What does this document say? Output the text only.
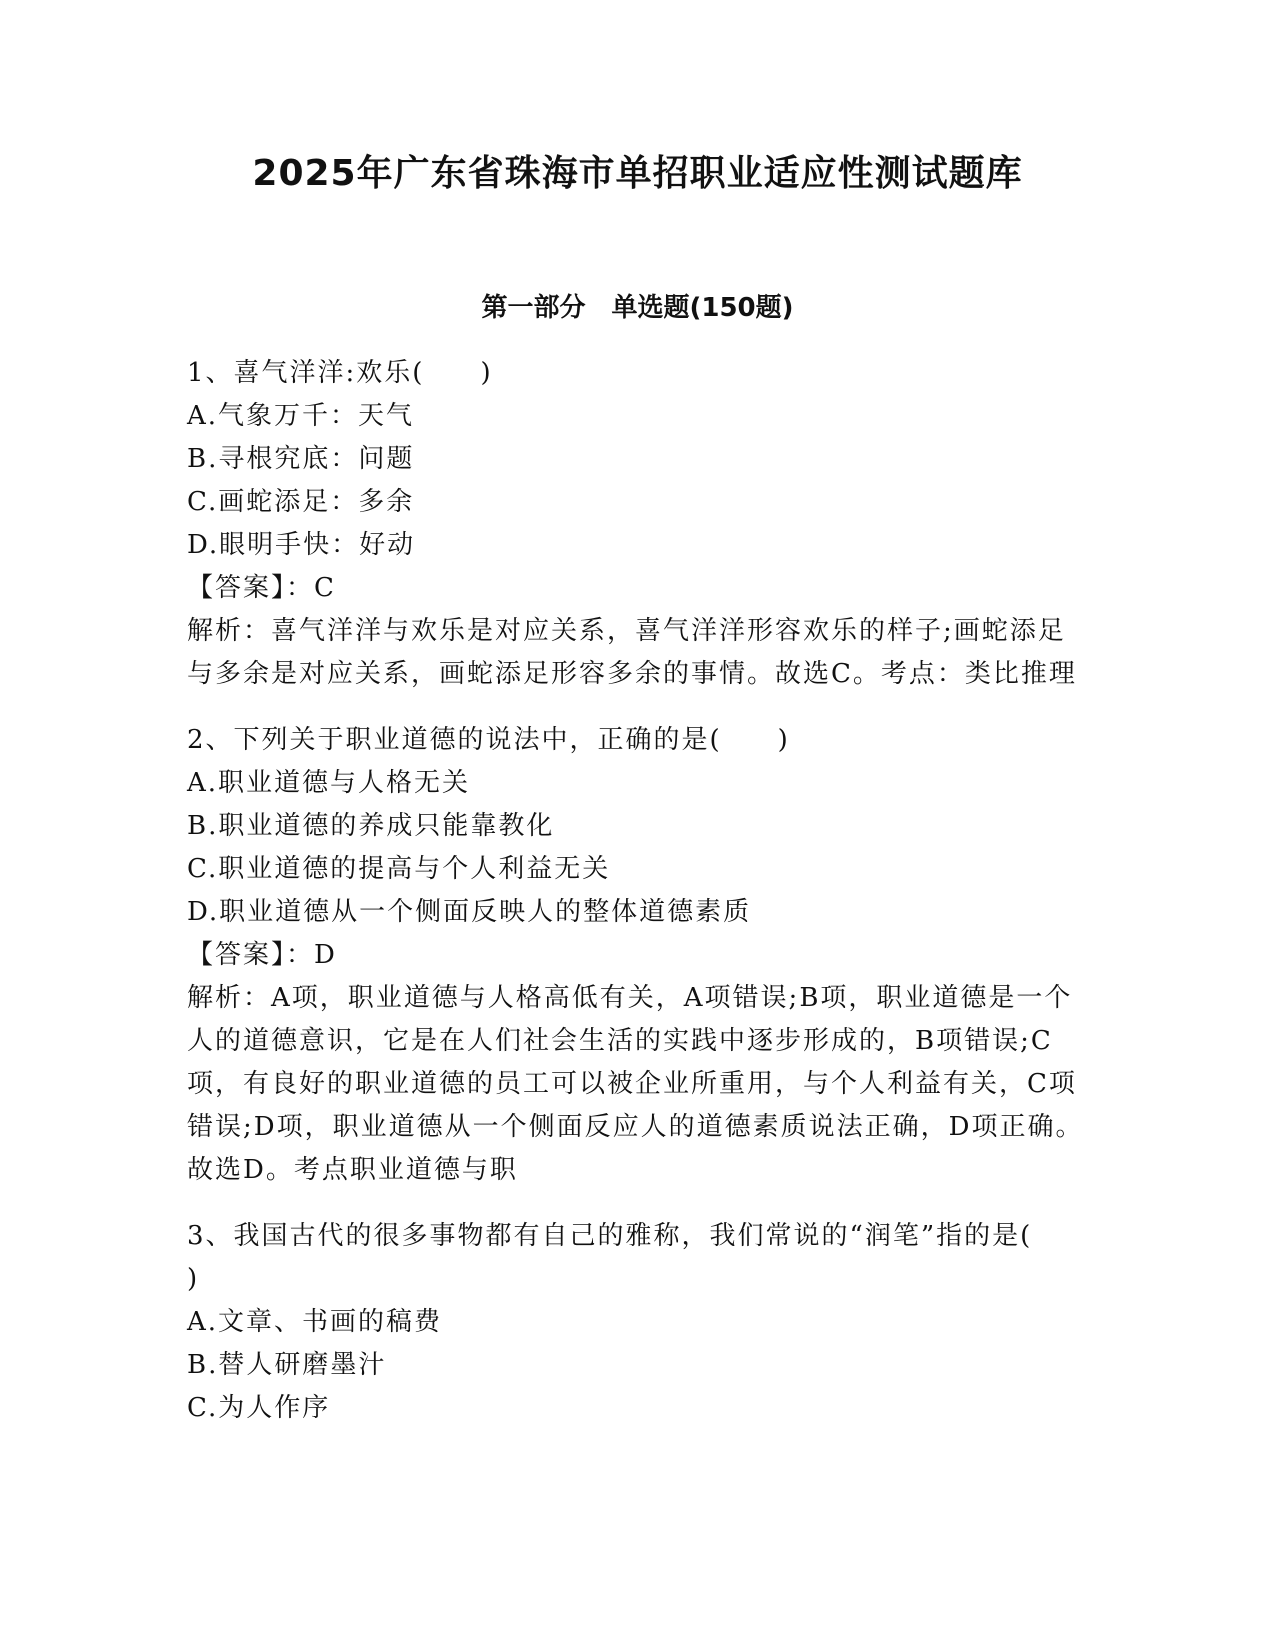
2025年广东省珠海市单招职业适应性测试题库
第一部分　单选题(150题)
1、喜气洋洋:欢乐(　　)
A.气象万千：天气
B.寻根究底：问题
C.画蛇添足：多余
D.眼明手快：好动
【答案】：C
解析：喜气洋洋与欢乐是对应关系，喜气洋洋形容欢乐的样子;画蛇添足与多余是对应关系，画蛇添足形容多余的事情。故选C。考点：类比推理
2、下列关于职业道德的说法中，正确的是(　　)
A.职业道德与人格无关
B.职业道德的养成只能靠教化
C.职业道德的提高与个人利益无关
D.职业道德从一个侧面反映人的整体道德素质
【答案】：D
解析：A项，职业道德与人格高低有关，A项错误;B项，职业道德是一个人的道德意识，它是在人们社会生活的实践中逐步形成的，B项错误;C项，有良好的职业道德的员工可以被企业所重用，与个人利益有关，C项错误;D项，职业道德从一个侧面反应人的道德素质说法正确，D项正确。故选D。考点职业道德与职
3、我国古代的很多事物都有自己的雅称，我们常说的“润笔”指的是(　　)
A.文章、书画的稿费
B.替人研磨墨汁
C.为人作序
